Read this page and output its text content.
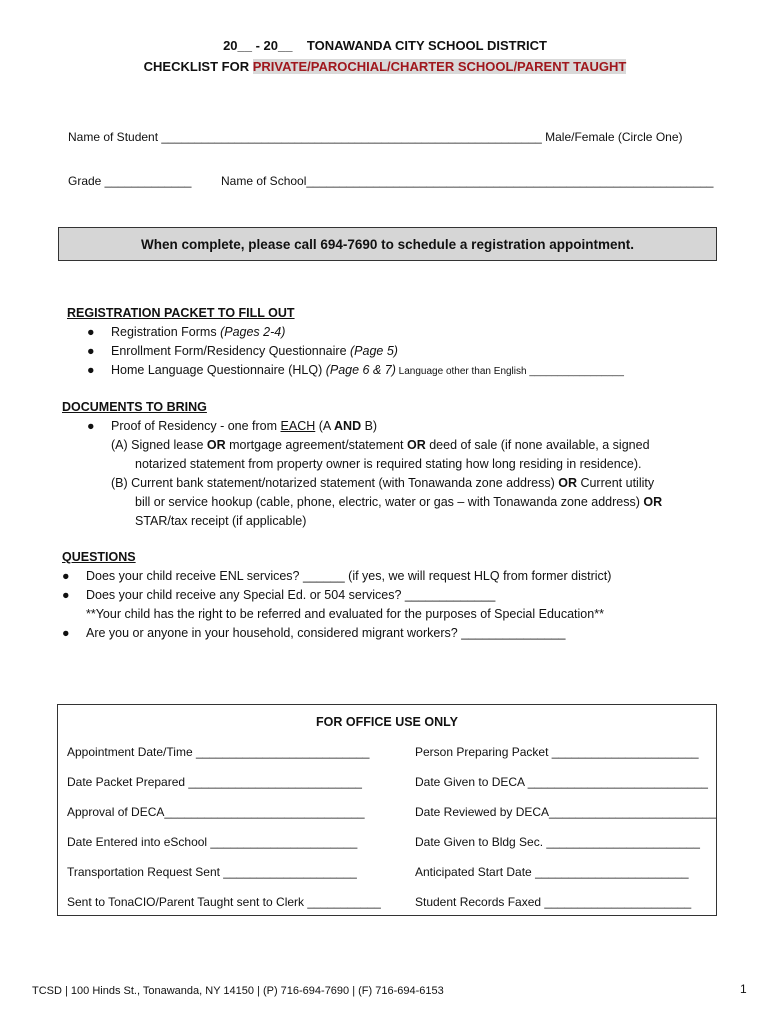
20__ - 20__    TONAWANDA CITY SCHOOL DISTRICT
CHECKLIST FOR PRIVATE/PAROCHIAL/CHARTER SCHOOL/PARENT TAUGHT
Name of Student _________________________________________________________ Male/Female (Circle One)
Grade _____________ Name of School_____________________________________________________________
When complete, please call 694-7690 to schedule a registration appointment.
REGISTRATION PACKET TO FILL OUT
● Registration Forms (Pages 2-4)
● Enrollment Form/Residency Questionnaire (Page 5)
● Home Language Questionnaire (HLQ) (Page 6 & 7) Language other than English _________________
DOCUMENTS TO BRING
● Proof of Residency - one from EACH (A AND B)
(A) Signed lease OR mortgage agreement/statement OR deed of sale (if none available, a signed
notarized statement from property owner is required stating how long residing in residence).
(B) Current bank statement/notarized statement (with Tonawanda zone address) OR Current utility
bill or service hookup (cable, phone, electric, water or gas – with Tonawanda zone address) OR
STAR/tax receipt (if applicable)
QUESTIONS
● Does your child receive ENL services? ______ (if yes, we will request HLQ from former district)
● Does your child receive any Special Ed. or 504 services? _____________
**Your child has the right to be referred and evaluated for the purposes of Special Education**
● Are you or anyone in your household, considered migrant workers? _______________
FOR OFFICE USE ONLY
Appointment Date/Time __________________________
Date Packet Prepared __________________________
Approval of DECA______________________________
Date Entered into eSchool ______________________
Transportation Request Sent ____________________
Sent to TonaCIO/Parent Taught sent to Clerk ___________
Person Preparing Packet ______________________
Date Given to DECA ___________________________
Date Reviewed by DECA_________________________
Date Given to Bldg Sec. _______________________
Anticipated Start Date _______________________
Student Records Faxed ______________________
TCSD | 100 Hinds St., Tonawanda, NY 14150 | (P) 716-694-7690 | (F) 716-694-6153	1
